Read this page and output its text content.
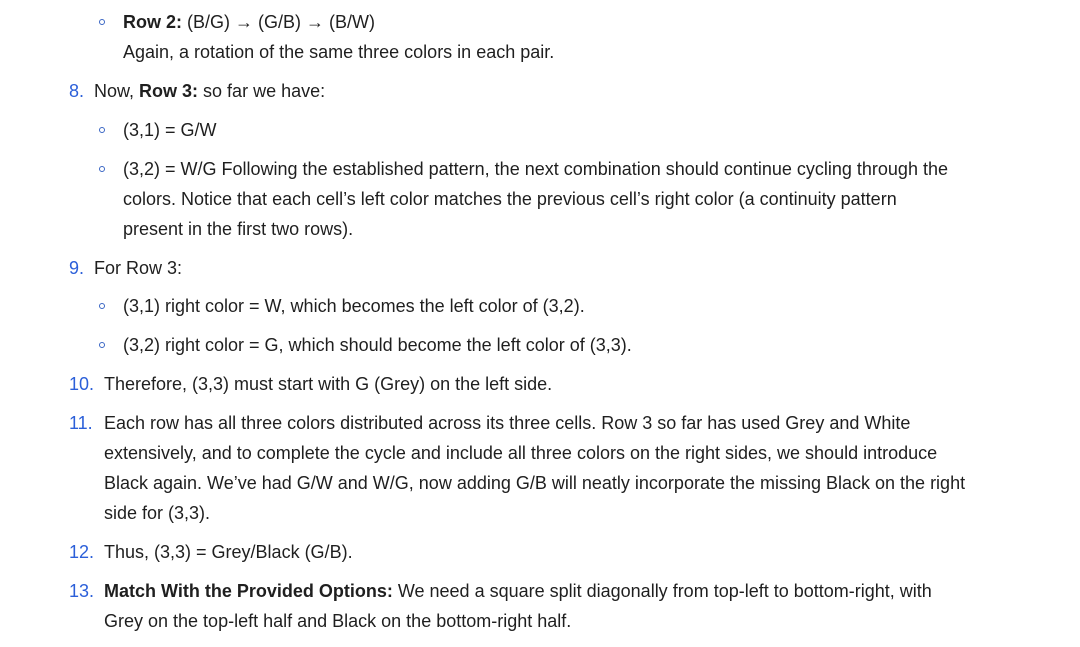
Row 2: (B/G) → (G/B) → (B/W)
Again, a rotation of the same three colors in each pair.
8. Now, Row 3: so far we have:
(3,1) = G/W
(3,2) = W/G Following the established pattern, the next combination should continue cycling through the
colors. Notice that each cell’s left color matches the previous cell’s right color (a continuity pattern
present in the first two rows).
9. For Row 3:
(3,1) right color = W, which becomes the left color of (3,2).
(3,2) right color = G, which should become the left color of (3,3).
10. Therefore, (3,3) must start with G (Grey) on the left side.
11. Each row has all three colors distributed across its three cells. Row 3 so far has used Grey and White
extensively, and to complete the cycle and include all three colors on the right sides, we should introduce
Black again. We’ve had G/W and W/G, now adding G/B will neatly incorporate the missing Black on the right
side for (3,3).
12. Thus, (3,3) = Grey/Black (G/B).
13. Match With the Provided Options: We need a square split diagonally from top-left to bottom-right, with
Grey on the top-left half and Black on the bottom-right half.
